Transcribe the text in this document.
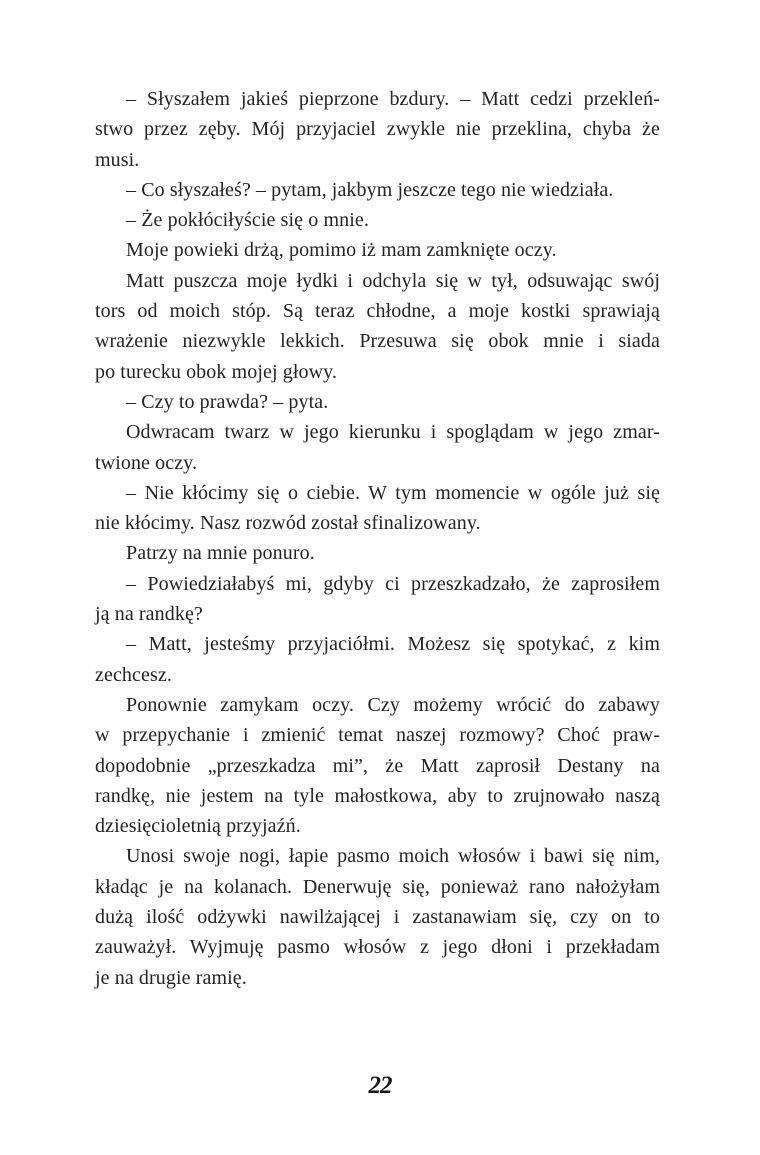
– Słyszałem jakieś pieprzone bzdury. – Matt cedzi przekleń-
stwo przez zęby. Mój przyjaciel zwykle nie przeklina, chyba że
musi.
– Co słyszałeś? – pytam, jakbym jeszcze tego nie wiedziała.
– Że pokłóciłyście się o mnie.
Moje powieki drżą, pomimo iż mam zamknięte oczy.
Matt puszcza moje łydki i odchyla się w tył, odsuwając swój
tors od moich stóp. Są teraz chłodne, a moje kostki sprawiają
wrażenie niezwykle lekkich. Przesuwa się obok mnie i siada
po turecku obok mojej głowy.
– Czy to prawda? – pyta.
Odwracam twarz w jego kierunku i spoglądam w jego zmar-
twione oczy.
– Nie kłócimy się o ciebie. W tym momencie w ogóle już się
nie kłócimy. Nasz rozwód został sfinalizowany.
Patrzy na mnie ponuro.
– Powiedziałabyś mi, gdyby ci przeszkadzało, że zaprosiłem
ją na randkę?
– Matt, jesteśmy przyjaciółmi. Możesz się spotykać, z kim
zechcesz.
Ponownie zamykam oczy. Czy możemy wrócić do zabawy
w przepychanie i zmienić temat naszej rozmowy? Choć praw-
dopodobnie „przeszkadza mi”, że Matt zaprosił Destany na
randkę, nie jestem na tyle małostkowa, aby to zrujnowało naszą
dziesięcioletnią przyjaźń.
Unosi swoje nogi, łapie pasmo moich włosów i bawi się nim,
kładąc je na kolanach. Denerwuję się, ponieważ rano nałożyłam
dużą ilość odżywki nawilżającej i zastanawiam się, czy on to
zauważył. Wyjmuję pasmo włosów z jego dłoni i przekładam
je na drugie ramię.
22
